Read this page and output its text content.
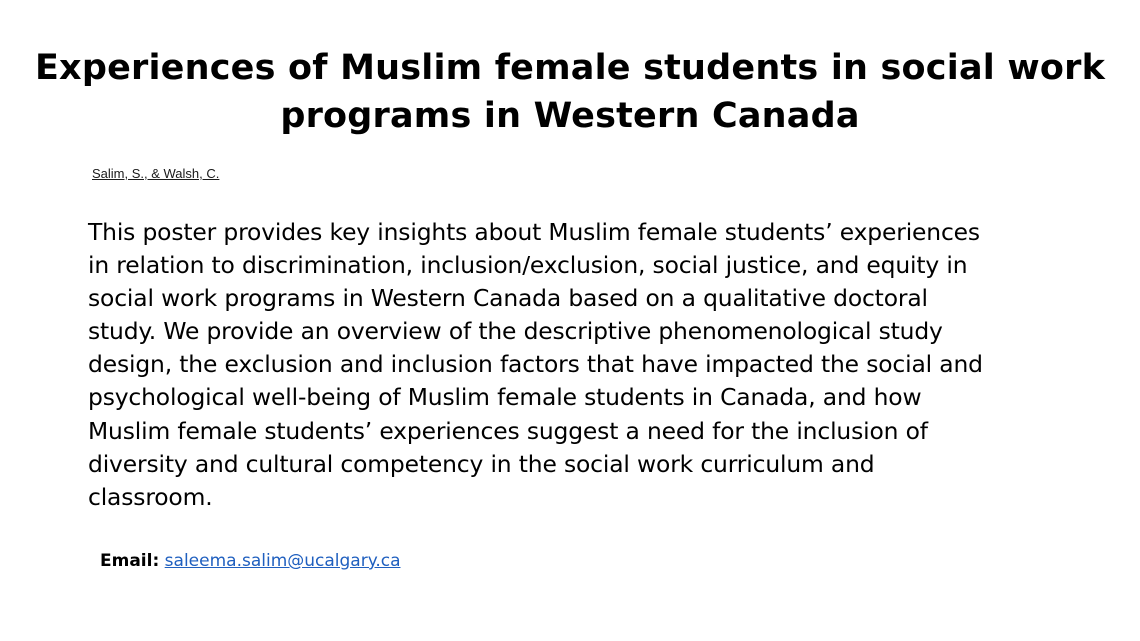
Experiences of Muslim female students in social work
programs in Western Canada
Salim, S., & Walsh, C.

This poster provides key insights about Muslim female students’ experiences
in relation to discrimination, inclusion/exclusion, social justice, and equity in
social work programs in Western Canada based on a qualitative doctoral
study. We provide an overview of the descriptive phenomenological study
design, the exclusion and inclusion factors that have impacted the social and
psychological well-being of Muslim female students in Canada, and how
Muslim female students’ experiences suggest a need for the inclusion of
diversity and cultural competency in the social work curriculum and
classroom.

Email: saleema.salim@ucalgary.ca
